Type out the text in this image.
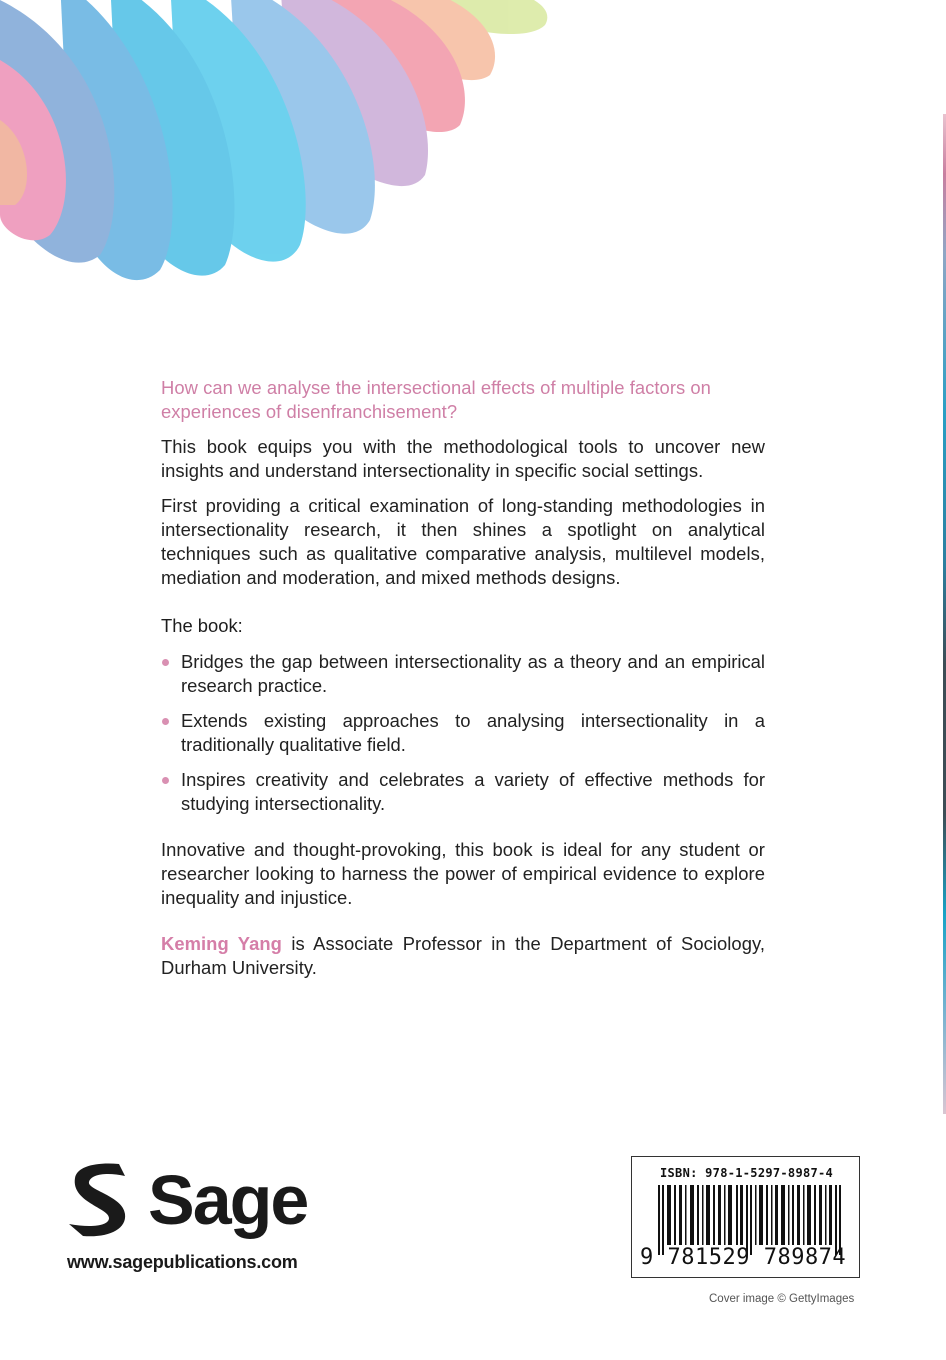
How can we analyse the intersectional effects of multiple factors on experiences of disenfranchisement?

This book equips you with the methodological tools to uncover new insights and understand intersectionality in specific social settings.

First providing a critical examination of long-standing methodologies in intersectionality research, it then shines a spotlight on analytical techniques such as qualitative comparative analysis, multilevel models, mediation and moderation, and mixed methods designs.

The book:

Bridges the gap between intersectionality as a theory and an empirical research practice.
Extends existing approaches to analysing intersectionality in a traditionally qualitative field.
Inspires creativity and celebrates a variety of effective methods for studying intersectionality.

Innovative and thought-provoking, this book is ideal for any student or researcher looking to harness the power of empirical evidence to explore inequality and injustice.

Keming Yang is Associate Professor in the Department of Sociology, Durham University.

Sage
www.sagepublications.com
ISBN: 978-1-5297-8987-4
9 781529 789874
Cover image © GettyImages
